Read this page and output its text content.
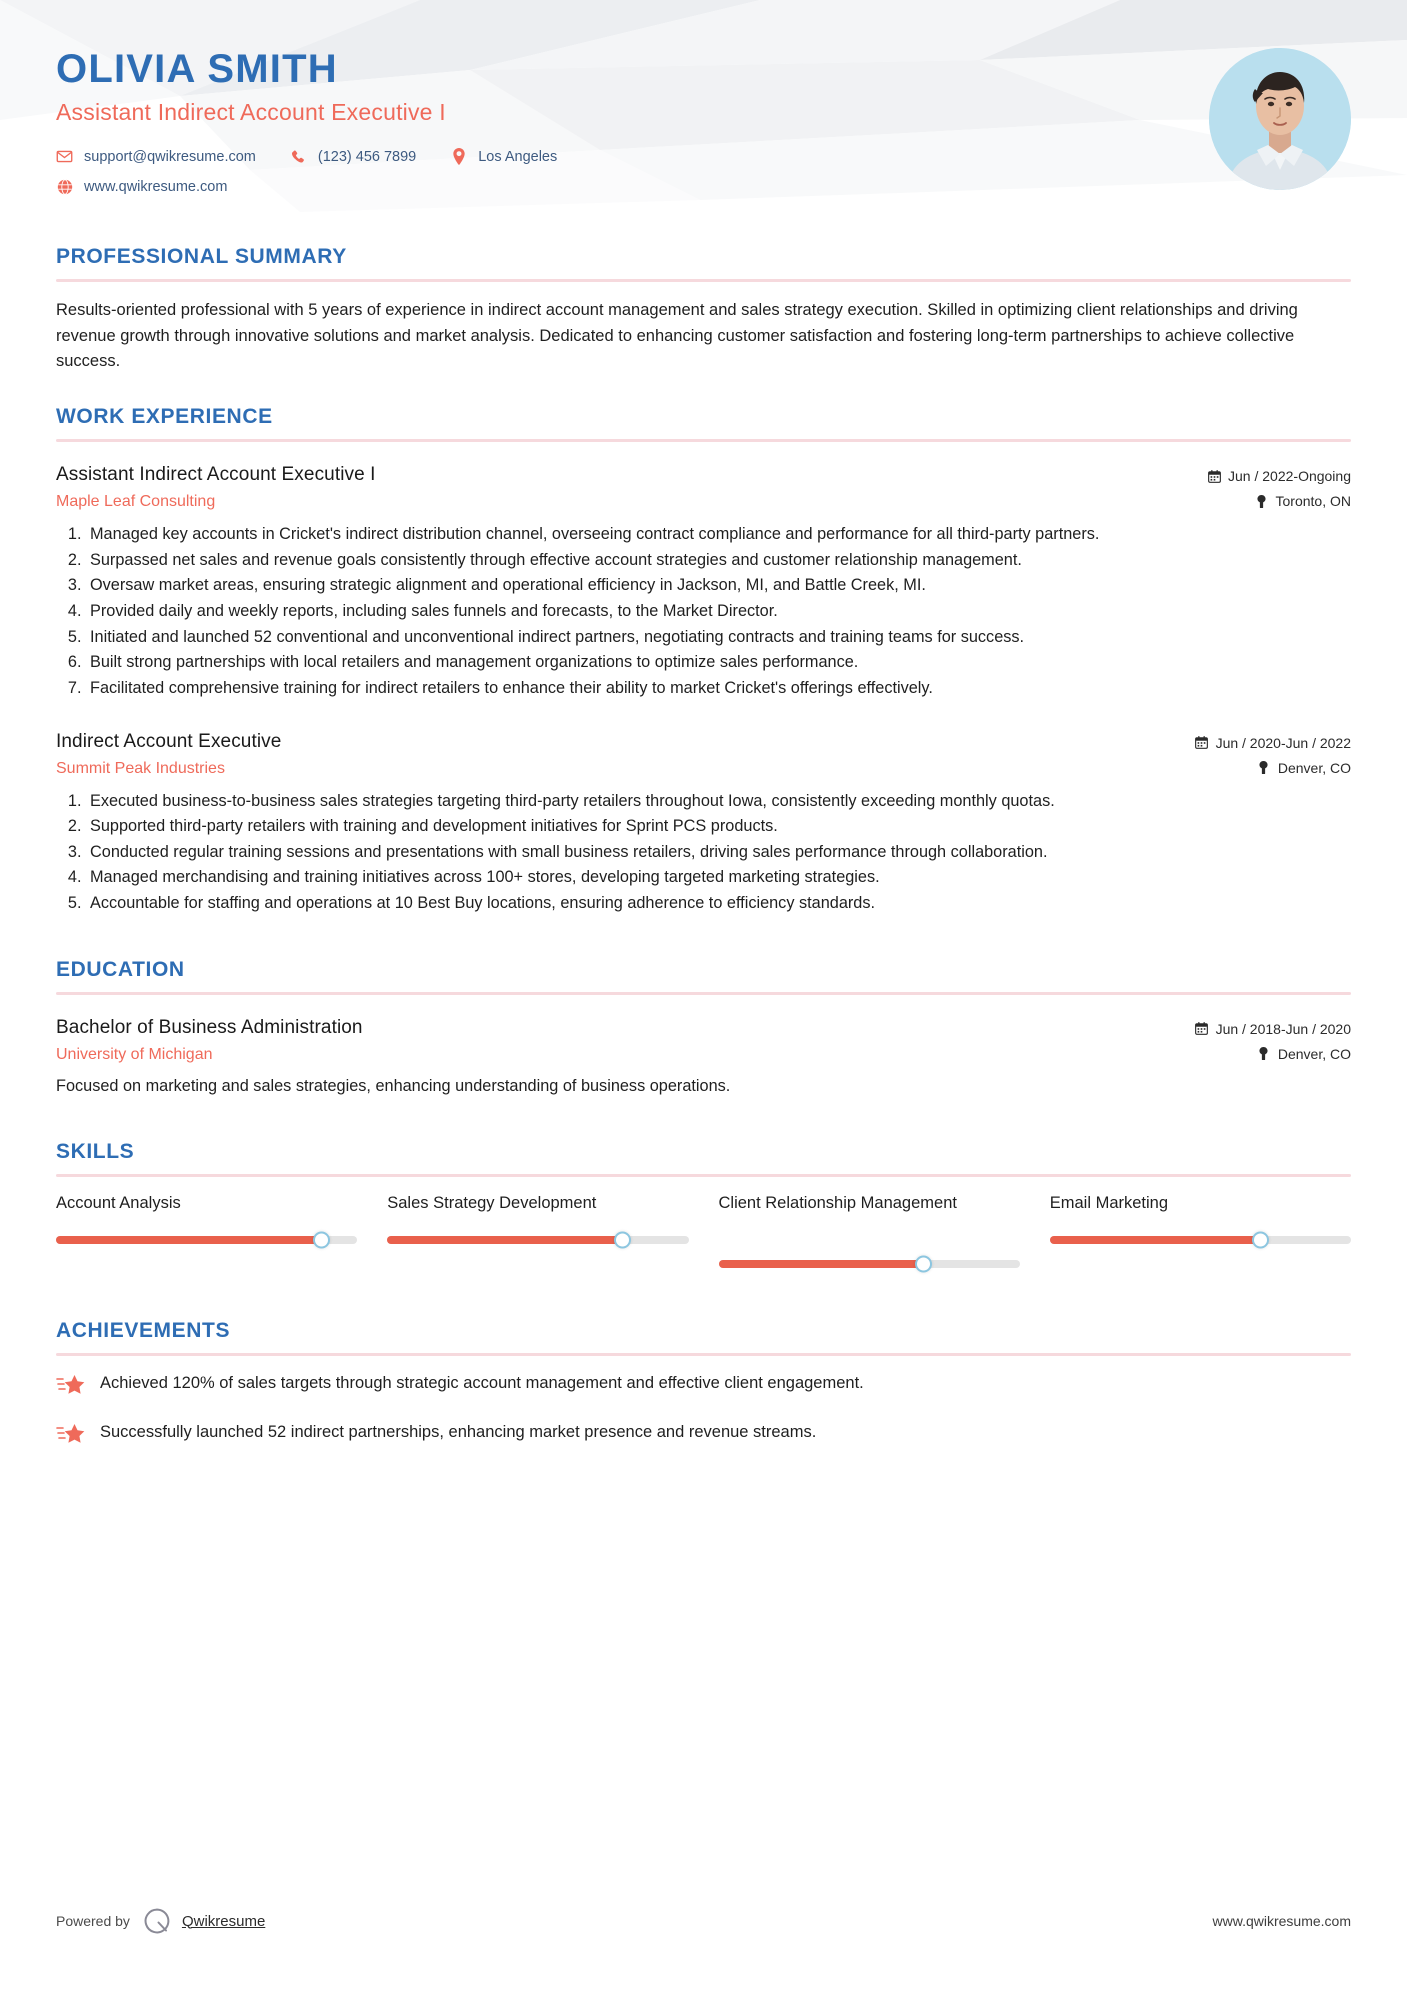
OLIVIA SMITH
Assistant Indirect Account Executive I
support@qwikresume.com	(123) 456 7899	Los Angeles
www.qwikresume.com
PROFESSIONAL SUMMARY
Results-oriented professional with 5 years of experience in indirect account management and sales strategy execution. Skilled in optimizing client relationships and driving revenue growth through innovative solutions and market analysis. Dedicated to enhancing customer satisfaction and fostering long-term partnerships to achieve collective success.
WORK EXPERIENCE
Assistant Indirect Account Executive I
Maple Leaf Consulting
Jun / 2022-Ongoing
Toronto, ON
1. Managed key accounts in Cricket's indirect distribution channel, overseeing contract compliance and performance for all third-party partners.
2. Surpassed net sales and revenue goals consistently through effective account strategies and customer relationship management.
3. Oversaw market areas, ensuring strategic alignment and operational efficiency in Jackson, MI, and Battle Creek, MI.
4. Provided daily and weekly reports, including sales funnels and forecasts, to the Market Director.
5. Initiated and launched 52 conventional and unconventional indirect partners, negotiating contracts and training teams for success.
6. Built strong partnerships with local retailers and management organizations to optimize sales performance.
7. Facilitated comprehensive training for indirect retailers to enhance their ability to market Cricket's offerings effectively.
Indirect Account Executive
Summit Peak Industries
Jun / 2020-Jun / 2022
Denver, CO
1. Executed business-to-business sales strategies targeting third-party retailers throughout Iowa, consistently exceeding monthly quotas.
2. Supported third-party retailers with training and development initiatives for Sprint PCS products.
3. Conducted regular training sessions and presentations with small business retailers, driving sales performance through collaboration.
4. Managed merchandising and training initiatives across 100+ stores, developing targeted marketing strategies.
5. Accountable for staffing and operations at 10 Best Buy locations, ensuring adherence to efficiency standards.
EDUCATION
Bachelor of Business Administration
University of Michigan
Jun / 2018-Jun / 2020
Denver, CO
Focused on marketing and sales strategies, enhancing understanding of business operations.
SKILLS
Account Analysis	Sales Strategy Development	Client Relationship Management	Email Marketing
ACHIEVEMENTS
Achieved 120% of sales targets through strategic account management and effective client engagement.
Successfully launched 52 indirect partnerships, enhancing market presence and revenue streams.
Powered by	Qwikresume	www.qwikresume.com
